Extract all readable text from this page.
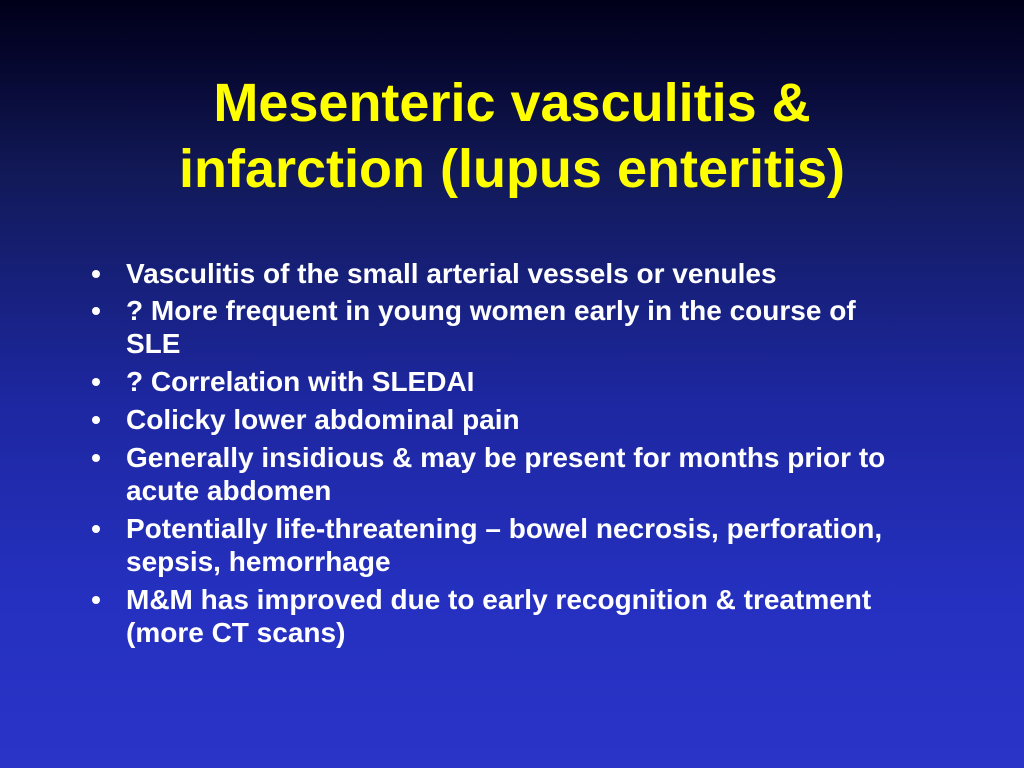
Mesenteric vasculitis &
infarction (lupus enteritis)
Vasculitis of the small arterial vessels or venules
? More frequent in young women early in the course of SLE
? Correlation with SLEDAI
Colicky lower abdominal pain
Generally insidious & may be present for months prior to acute abdomen
Potentially life-threatening – bowel necrosis, perforation, sepsis, hemorrhage
M&M has improved due to early recognition & treatment (more CT scans)
